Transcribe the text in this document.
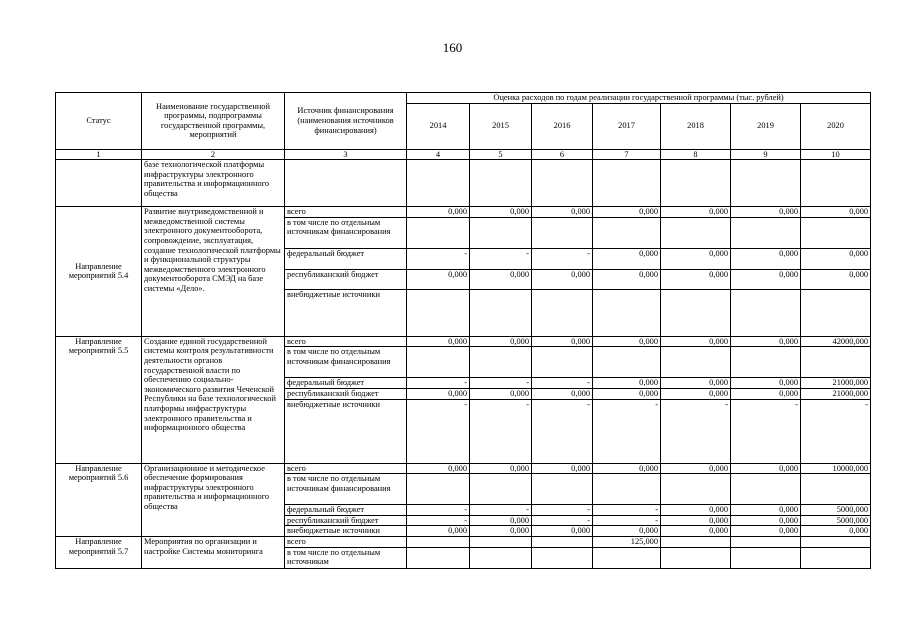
160
Статус	Наименование государственной программы, подпрограммы государственной программы, мероприятий	Источник финансирования (наименования источников финансирования)	Оценка расходов по годам реализации государственной программы (тыс. рублей)						
			2014	2015	2016	2017	2018	2019	2020
1	2	3	4	5	6	7	8	9	10
	базе технологической платформы инфраструктуры электронного правительства и информационного общества								
Направление мероприятий 5.4	Развитие внутриведомственной и межведомственной системы электронного документооборота, сопровождение, эксплуатация, создание технологической платформы и функциональной структуры межведомственного электронного документооборота СМЭД на базе системы «Дело».	всего	0,000	0,000	0,000	0,000	0,000	0,000	0,000
		в том числе по отдельным источникам финансирования							
		федеральный бюджет	-	-	-	0,000	0,000	0,000	0,000
		республиканский бюджет	0,000	0,000	0,000	0,000	0,000	0,000	0,000
		внебюджетные источники							
Направление мероприятий 5.5	Создание единой государственной системы контроля результативности деятельности органов государственной власти по обеспечению социально-экономического развития Чеченской Республики на базе технологической платформы инфраструктуры электронного правительства и информационного общества	всего	0,000	0,000	0,000	0,000	0,000	0,000	42000,000
		в том числе по отдельным источникам финансирования							
		федеральный бюджет	-	-	-	0,000	0,000	0,000	21000,000
		республиканский бюджет	0,000	0,000	0,000	0,000	0,000	0,000	21000,000
		внебюджетные источники	-	-	-	-	-	-	-
Направление мероприятий 5.6	Организационное и методическое обеспечение формирования инфраструктуры электронного правительства и информационного общества	всего	0,000	0,000	0,000	0,000	0,000	0,000	10000,000
		в том числе по отдельным источникам финансирования							
		федеральный бюджет	-	-	-	-	0,000	0,000	5000,000
		республиканский бюджет	-	0,000	-	-	0,000	0,000	5000,000
		внебюджетные источники	0,000	0,000	0,000	0,000	0,000	0,000	0,000
Направление мероприятий 5.7	Мероприятия по организации и настройке Системы мониторинга	всего				125,000			
		в том числе по отдельным источникам							
